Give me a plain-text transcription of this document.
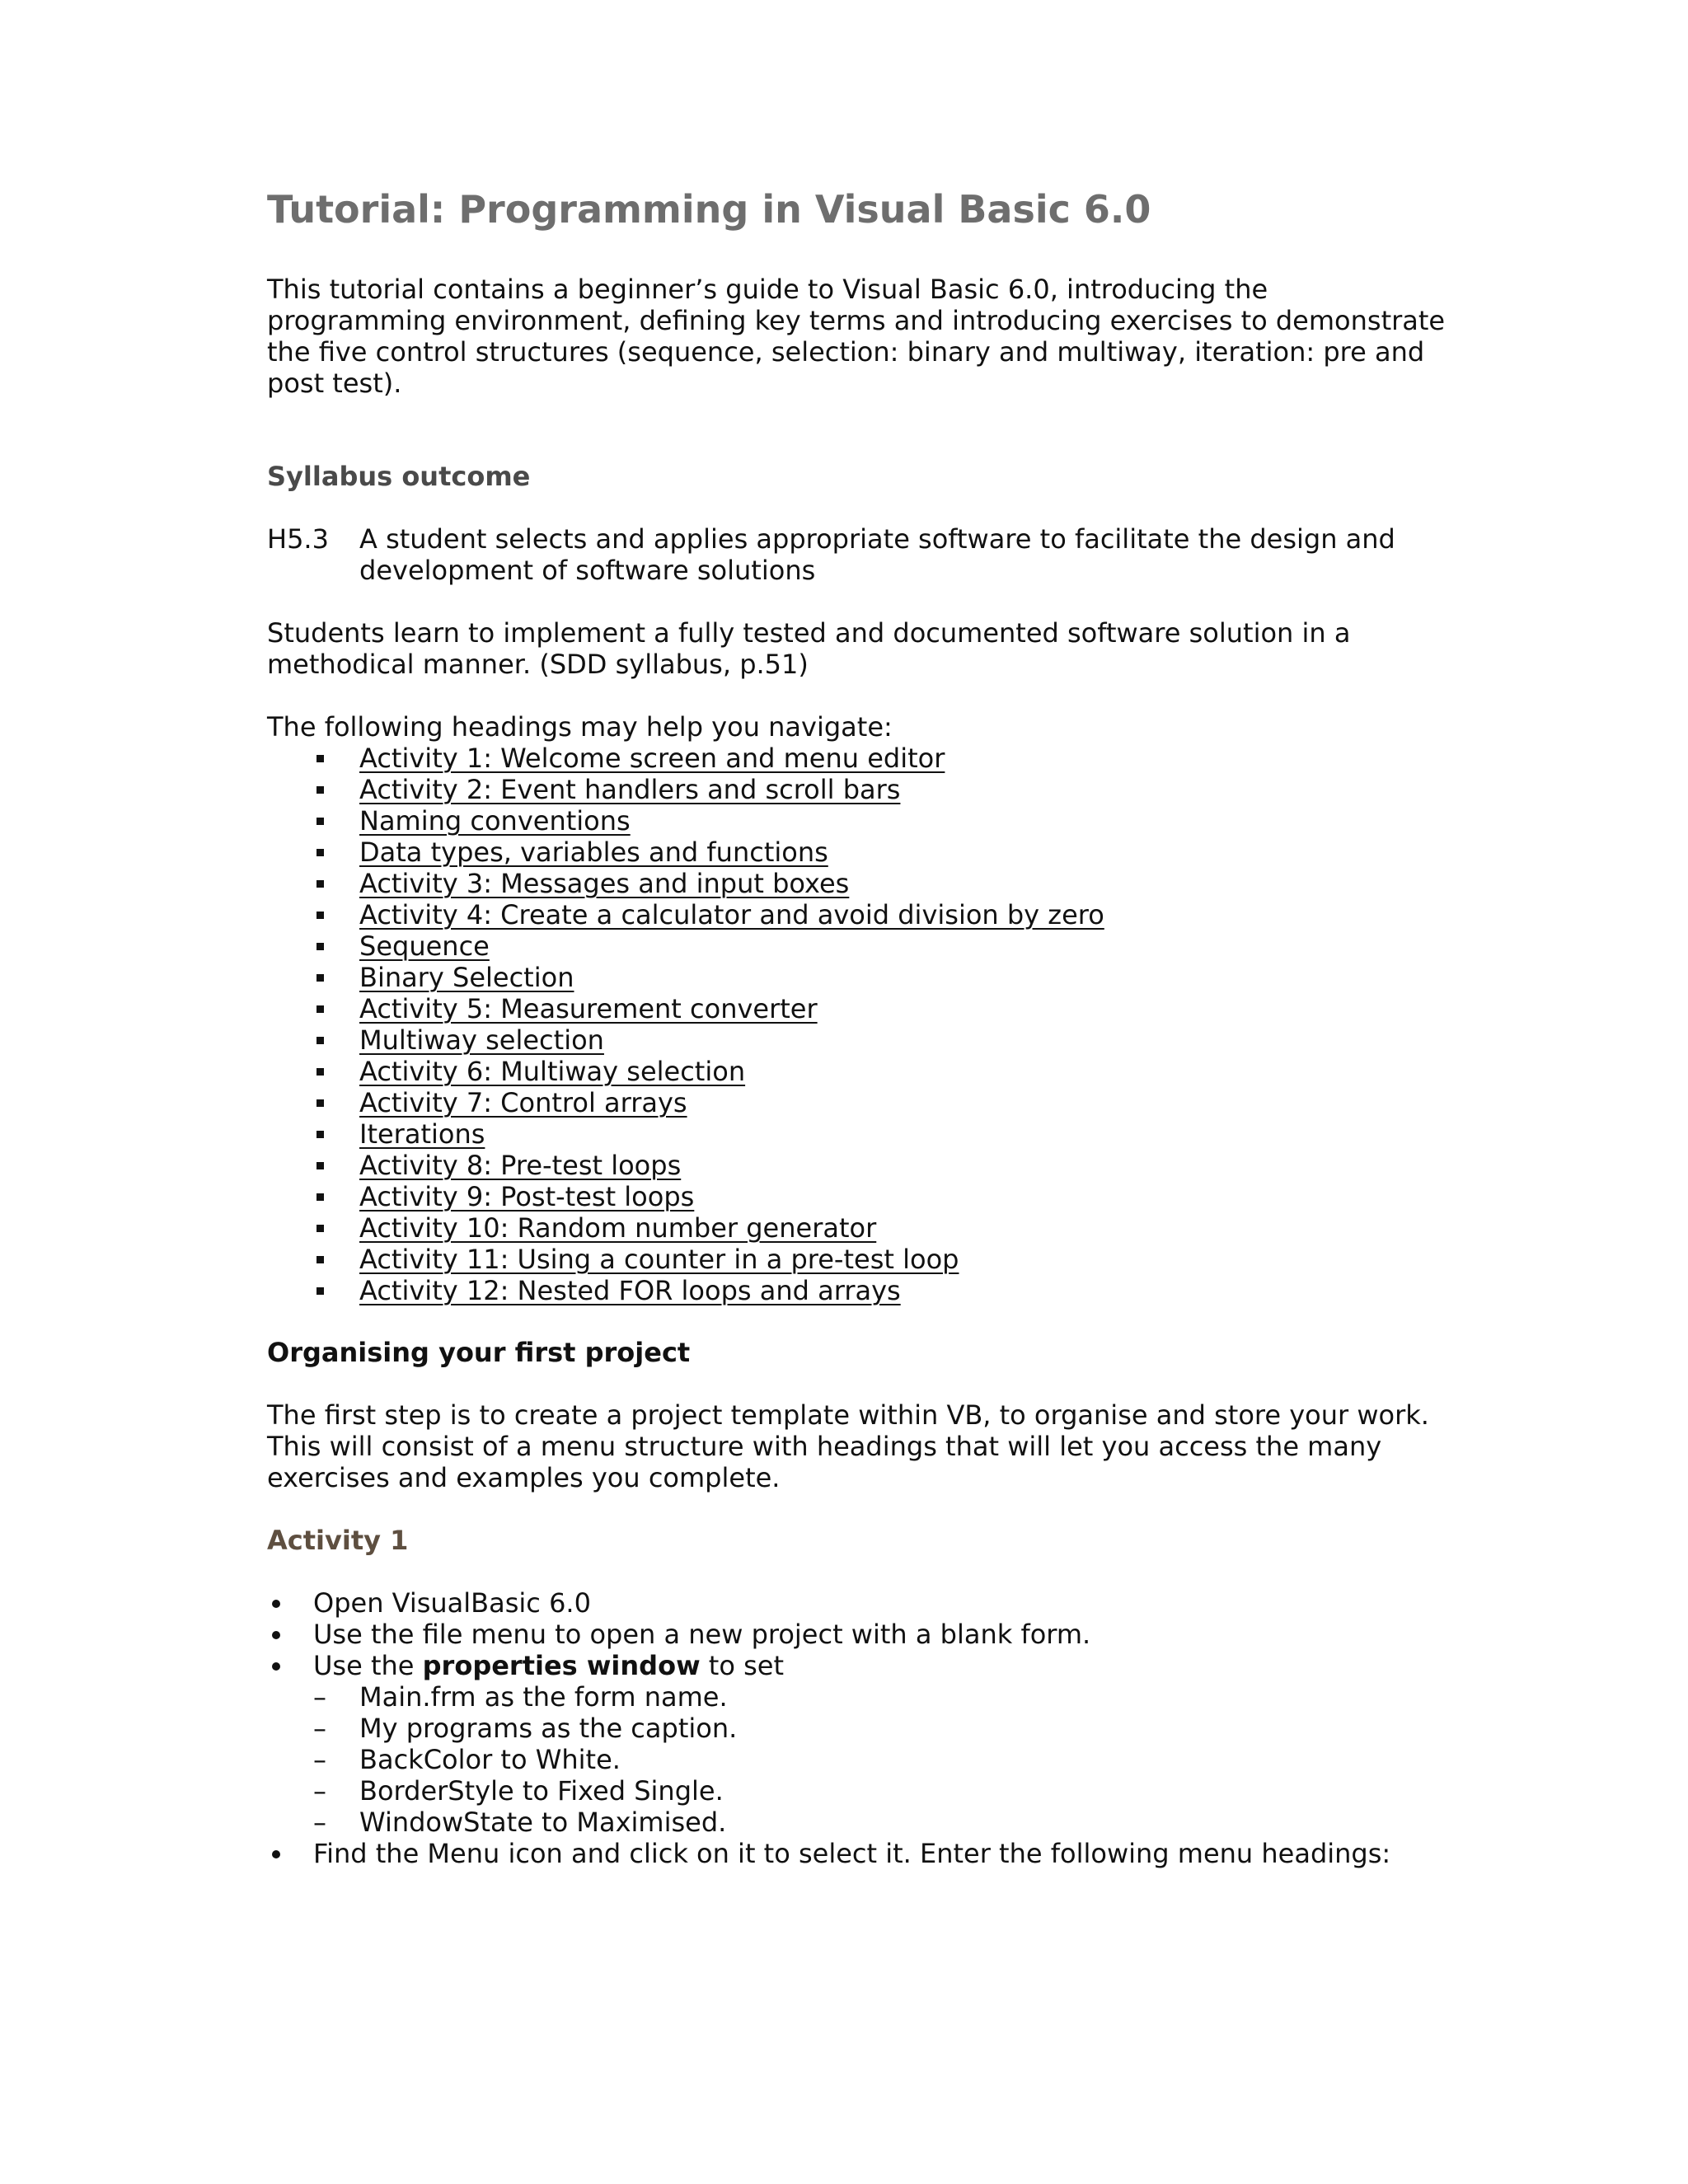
Tutorial: Programming in Visual Basic 6.0

This tutorial contains a beginner’s guide to Visual Basic 6.0, introducing the programming environment, defining key terms and introducing exercises to demonstrate the five control structures (sequence, selection: binary and multiway, iteration: pre and post test).

Syllabus outcome
H5.3	A student selects and applies appropriate software to facilitate the design and development of software solutions

Students learn to implement a fully tested and documented software solution in a methodical manner. (SDD syllabus, p.51)

The following headings may help you navigate:

Activity 1: Welcome screen and menu editor
Activity 2: Event handlers and scroll bars
Naming conventions
Data types, variables and functions
Activity 3: Messages and input boxes
Activity 4: Create a calculator and avoid division by zero
Sequence
Binary Selection
Activity 5: Measurement converter
Multiway selection
Activity 6: Multiway selection
Activity 7: Control arrays
Iterations
Activity 8: Pre-test loops
Activity 9: Post-test loops
Activity 10: Random number generator
Activity 11: Using a counter in a pre-test loop
Activity 12: Nested FOR loops and arrays
Organising your first project

The first step is to create a project template within VB, to organise and store your work. This will consist of a menu structure with headings that will let you access the many exercises and examples you complete.

Activity 1
Open VisualBasic 6.0
Use the file menu to open a new project with a blank form.
Use the properties window to set
– Main.frm as the form name.
– My programs as the caption.
– BackColor to White.
– BorderStyle to Fixed Single.
– WindowState to Maximised.
Find the Menu icon and click on it to select it. Enter the following menu headings:
